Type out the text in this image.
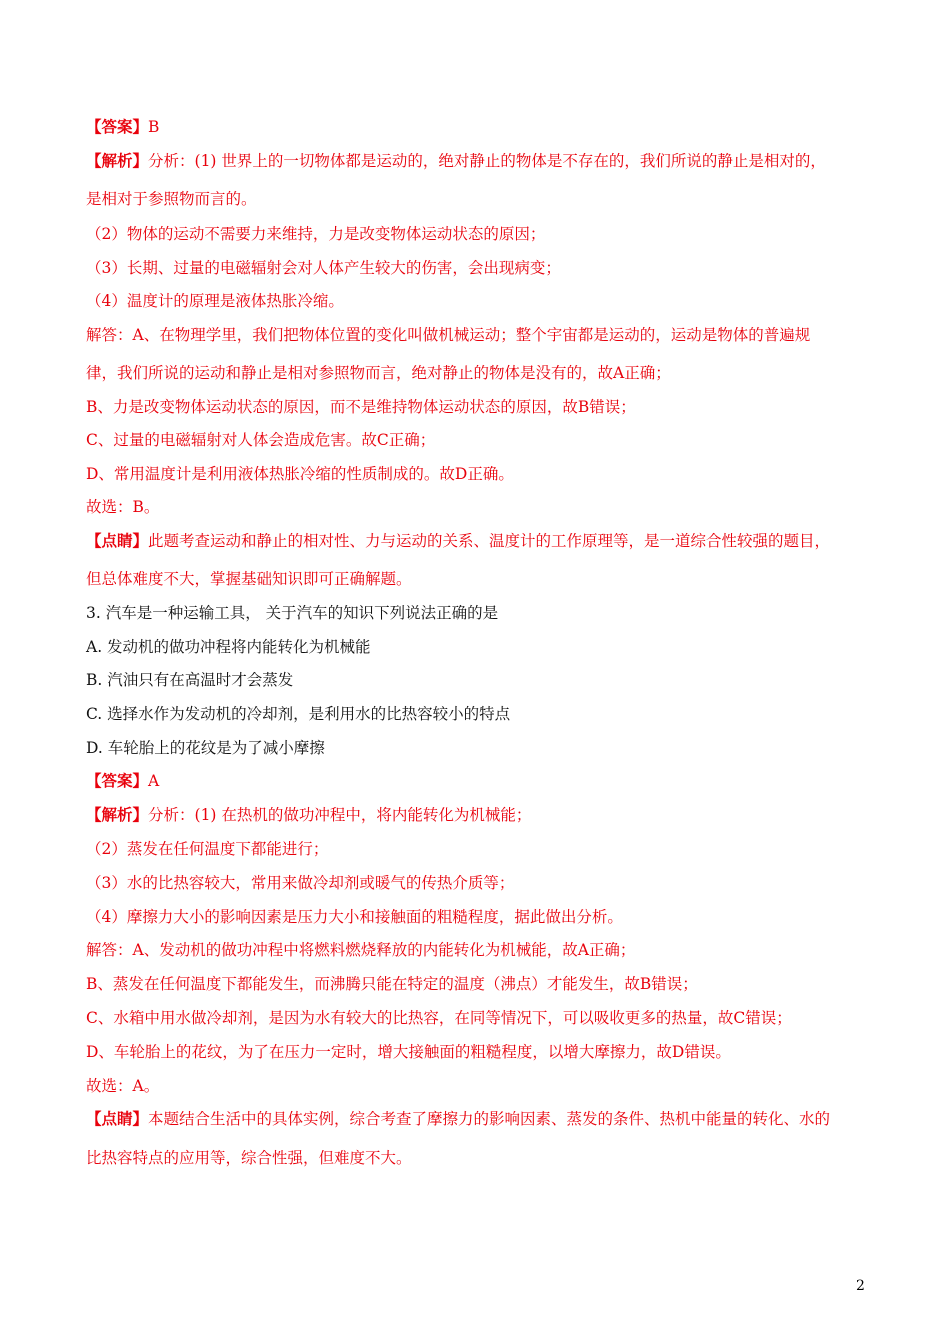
【答案】B
【解析】分析：(1) 世界上的一切物体都是运动的，绝对静止的物体是不存在的，我们所说的静止是相对的，
是相对于参照物而言的。
（2）物体的运动不需要力来维持，力是改变物体运动状态的原因；
（3）长期、过量的电磁辐射会对人体产生较大的伤害，会出现病变；
（4）温度计的原理是液体热胀冷缩。
解答：A、在物理学里，我们把物体位置的变化叫做机械运动；整个宇宙都是运动的，运动是物体的普遍规
律，我们所说的运动和静止是相对参照物而言，绝对静止的物体是没有的，故A正确；
B、力是改变物体运动状态的原因，而不是维持物体运动状态的原因，故B错误；
C、过量的电磁辐射对人体会造成危害。故C正确；
D、常用温度计是利用液体热胀冷缩的性质制成的。故D正确。
故选：B。
【点睛】此题考查运动和静止的相对性、力与运动的关系、温度计的工作原理等，是一道综合性较强的题目，
但总体难度不大，掌握基础知识即可正确解题。
3. 汽车是一种运输工具， 关于汽车的知识下列说法正确的是
A. 发动机的做功冲程将内能转化为机械能
B. 汽油只有在高温时才会蒸发
C. 选择水作为发动机的冷却剂，是利用水的比热容较小的特点
D. 车轮胎上的花纹是为了减小摩擦
【答案】A
【解析】分析：(1) 在热机的做功冲程中，将内能转化为机械能；
（2）蒸发在任何温度下都能进行；
（3）水的比热容较大，常用来做冷却剂或暖气的传热介质等；
（4）摩擦力大小的影响因素是压力大小和接触面的粗糙程度，据此做出分析。
解答：A、发动机的做功冲程中将燃料燃烧释放的内能转化为机械能，故A正确；
B、蒸发在任何温度下都能发生，而沸腾只能在特定的温度（沸点）才能发生，故B错误；
C、水箱中用水做冷却剂，是因为水有较大的比热容，在同等情况下，可以吸收更多的热量，故C错误；
D、车轮胎上的花纹，为了在压力一定时，增大接触面的粗糙程度，以增大摩擦力，故D错误。
故选：A。
【点睛】本题结合生活中的具体实例，综合考查了摩擦力的影响因素、蒸发的条件、热机中能量的转化、水的
比热容特点的应用等，综合性强，但难度不大。
2
